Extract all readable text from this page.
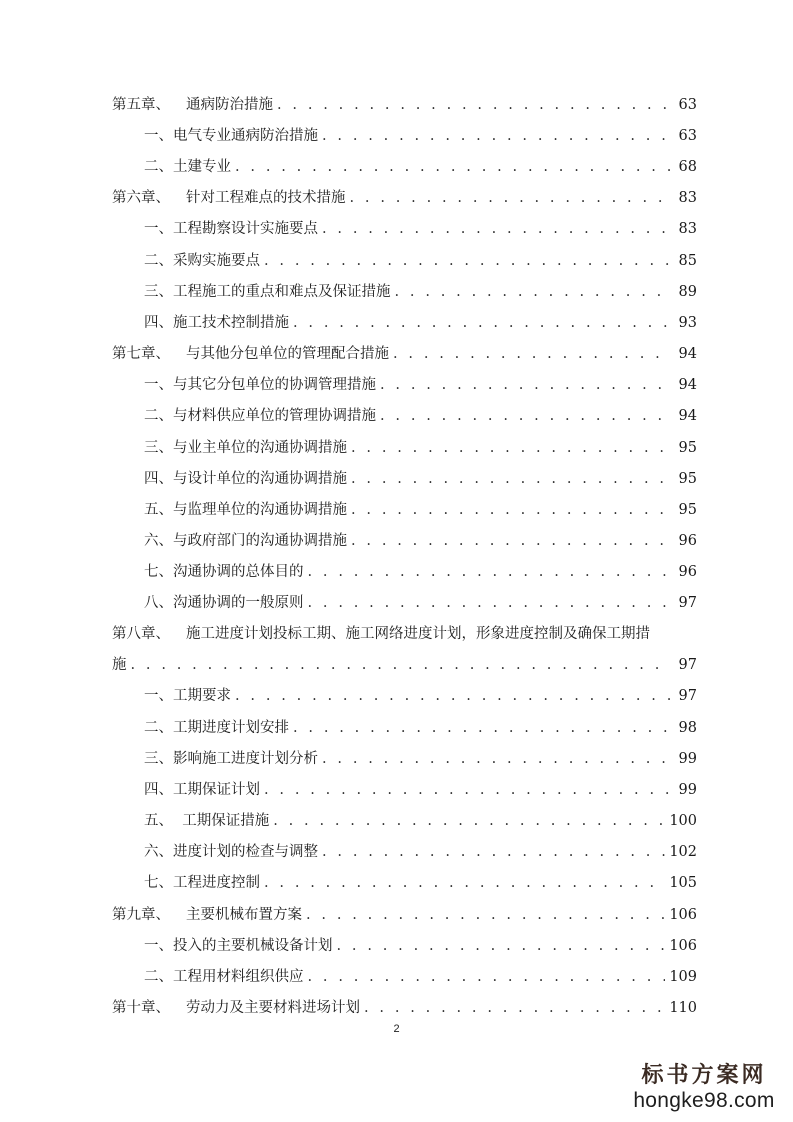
第五章、 通病防治措施 . . .	63
一、电气专业通病防治措施 . . .	63
二、土建专业 . . .	68
第六章、 针对工程难点的技术措施 . . .	83
一、工程勘察设计实施要点 . . .	83
二、采购实施要点 . . .	85
三、工程施工的重点和难点及保证措施 . . .	89
四、施工技术控制措施 . . .	93
第七章、 与其他分包单位的管理配合措施 . . .	94
一、与其它分包单位的协调管理措施 . . .	94
二、与材料供应单位的管理协调措施 . . .	94
三、与业主单位的沟通协调措施 . . .	95
四、与设计单位的沟通协调措施 . . .	95
五、与监理单位的沟通协调措施 . . .	95
六、与政府部门的沟通协调措施 . . .	96
七、沟通协调的总体目的 . . .	96
八、沟通协调的一般原则 . . .	97
第八章、 施工进度计划投标工期、施工网络进度计划，形象进度控制及确保工期措
施 . . .	97
一、工期要求 . . .	97
二、工期进度计划安排 . . .	98
三、影响施工进度计划分析 . . .	99
四、工期保证计划 . . .	99
五、  工期保证措施 . . .	100
六、进度计划的检查与调整 . . .	102
七、工程进度控制 . . .	105
第九章、 主要机械布置方案 . . .	106
一、投入的主要机械设备计划 . . .	106
二、工程用材料组织供应 . . .	109
第十章、 劳动力及主要材料进场计划 . . .	110
2
标书方案网
hongke98.com
